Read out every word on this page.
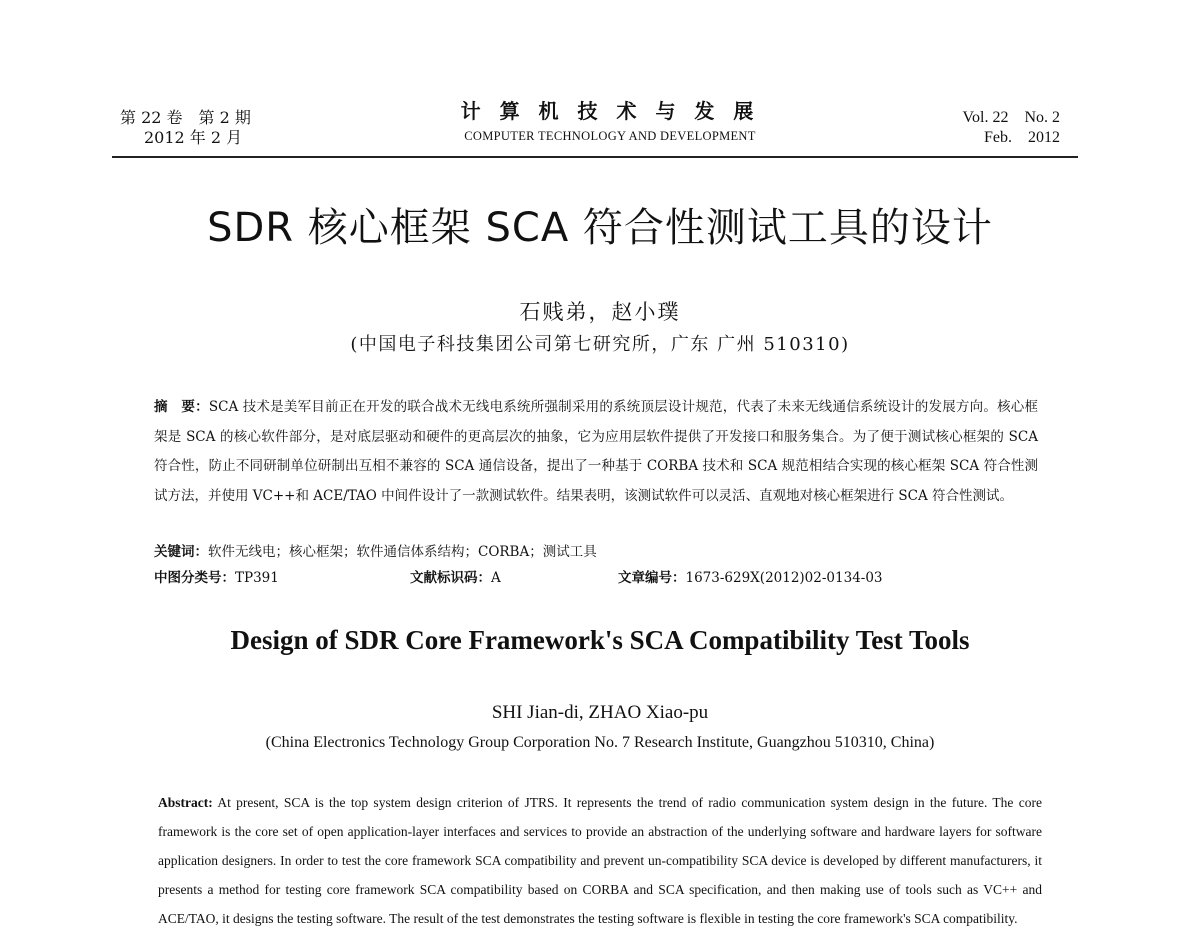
第 22 卷　第 2 期
2012 年 2 月
计 算 机 技 术 与 发 展
COMPUTER TECHNOLOGY AND DEVELOPMENT
Vol. 22　No. 2
Feb.　2012
SDR 核心框架 SCA 符合性测试工具的设计
石贱弟，赵小璞
(中国电子科技集团公司第七研究所，广东 广州 510310)
摘　要：SCA 技术是美军目前正在开发的联合战术无线电系统所强制采用的系统顶层设计规范，代表了未来无线通信系统设计的发展方向。核心框架是 SCA 的核心软件部分，是对底层驱动和硬件的更高层次的抽象，它为应用层软件提供了开发接口和服务集合。为了便于测试核心框架的 SCA 符合性，防止不同研制单位研制出互相不兼容的 SCA 通信设备，提出了一种基于 CORBA 技术和 SCA 规范相结合实现的核心框架 SCA 符合性测试方法，并使用 VC++和 ACE/TAO 中间件设计了一款测试软件。结果表明，该测试软件可以灵活、直观地对核心框架进行 SCA 符合性测试。
关键词：软件无线电；核心框架；软件通信体系结构；CORBA；测试工具
中图分类号：TP391	文献标识码：A	文章编号：1673-629X(2012)02-0134-03
Design of SDR Core Framework's SCA Compatibility Test Tools
SHI Jian-di, ZHAO Xiao-pu
(China Electronics Technology Group Corporation No. 7 Research Institute, Guangzhou 510310, China)
Abstract: At present, SCA is the top system design criterion of JTRS. It represents the trend of radio communication system design in the future. The core framework is the core set of open application-layer interfaces and services to provide an abstraction of the underlying software and hardware layers for software application designers. In order to test the core framework SCA compatibility and prevent un-compatibility SCA device is developed by different manufacturers, it presents a method for testing core framework SCA compatibility based on CORBA and SCA specification, and then making use of tools such as VC++ and ACE/TAO, it designs the testing software. The result of the test demonstrates the testing software is flexible in testing the core framework's SCA compatibility.
